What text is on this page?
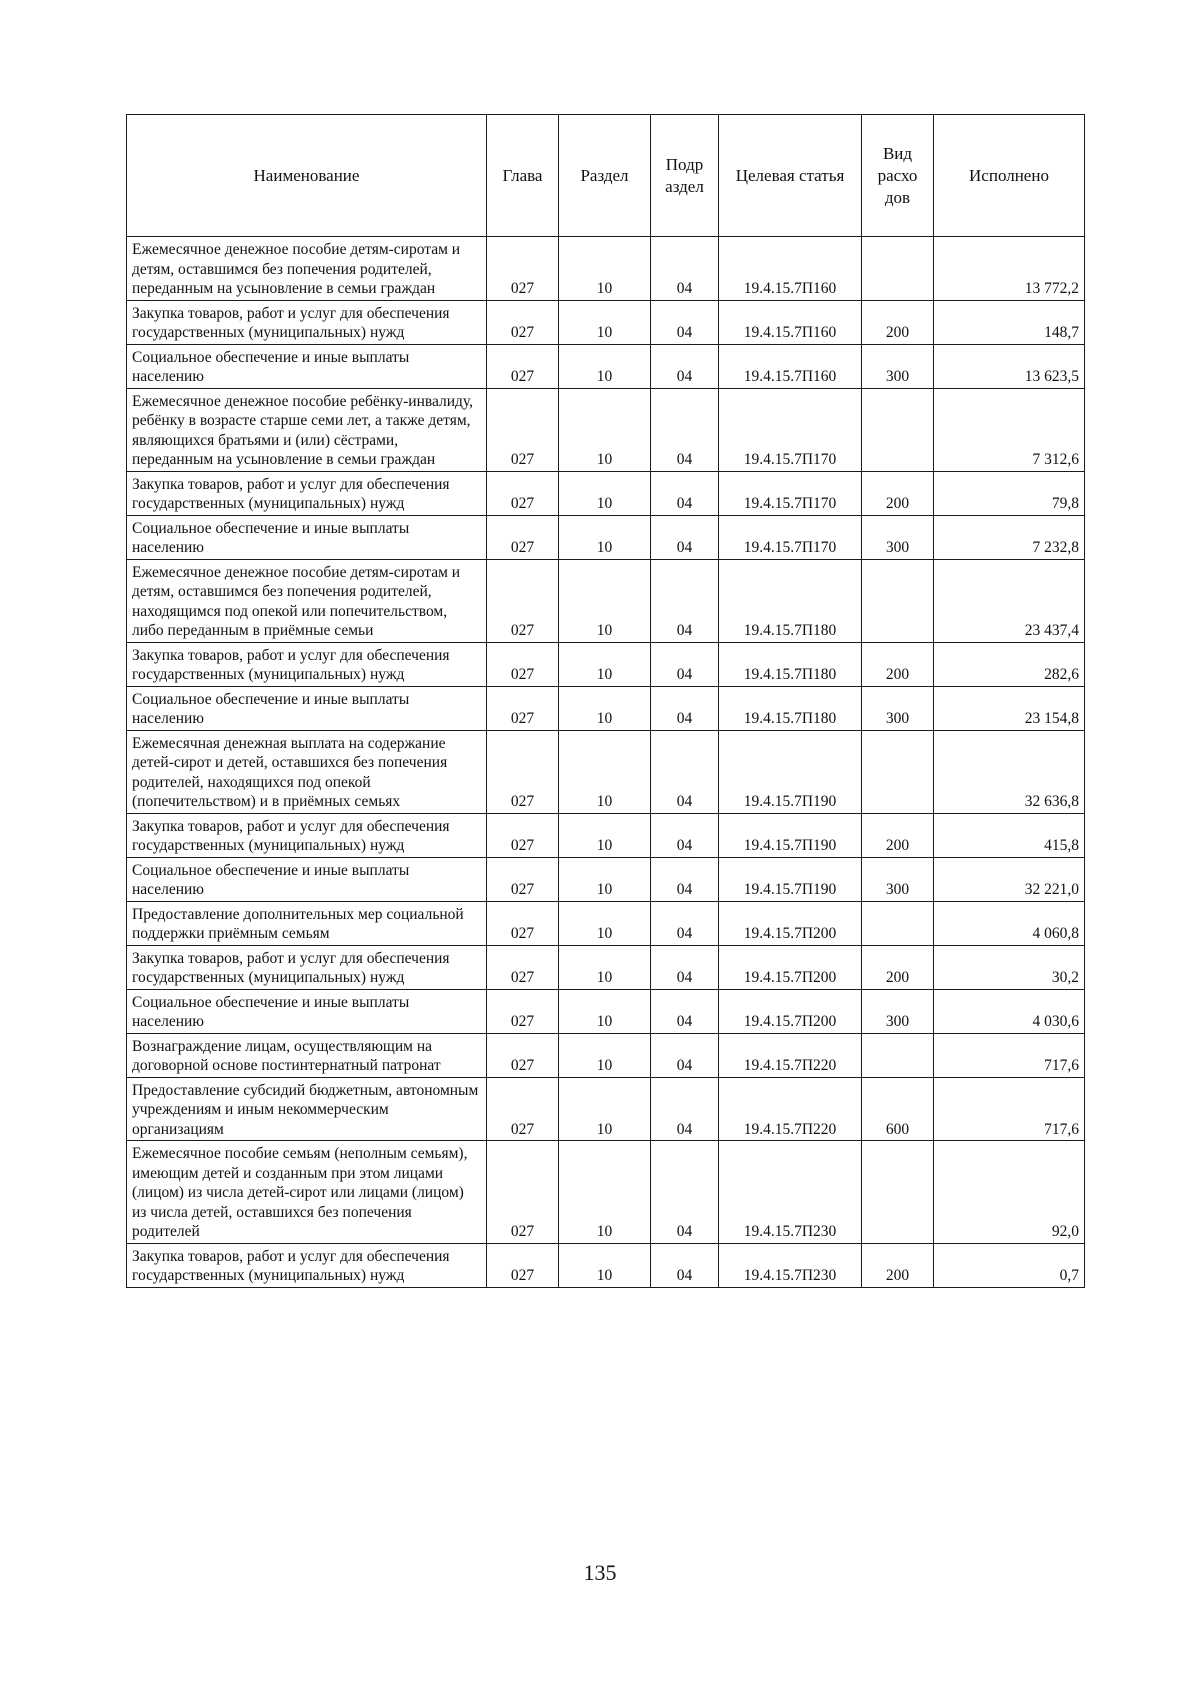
Наименование	Глава	Раздел	Подр аздел	Целевая статья	Вид расхо дов	Исполнено
Ежемесячное денежное пособие детям-сиротам и детям, оставшимся без попечения родителей, переданным на усыновление в семьи граждан	027	10	04	19.4.15.7П160		13 772,2
Закупка товаров, работ и услуг для обеспечения государственных (муниципальных) нужд	027	10	04	19.4.15.7П160	200	148,7
Социальное обеспечение и иные выплаты населению	027	10	04	19.4.15.7П160	300	13 623,5
Ежемесячное денежное пособие ребёнку-инвалиду, ребёнку в возрасте старше семи лет, а также детям, являющихся братьями и (или) сёстрами, переданным на усыновление в семьи граждан	027	10	04	19.4.15.7П170		7 312,6
Закупка товаров, работ и услуг для обеспечения государственных (муниципальных) нужд	027	10	04	19.4.15.7П170	200	79,8
Социальное обеспечение и иные выплаты населению	027	10	04	19.4.15.7П170	300	7 232,8
Ежемесячное денежное пособие детям-сиротам и детям, оставшимся без попечения родителей, находящимся под опекой или попечительством, либо переданным в приёмные семьи	027	10	04	19.4.15.7П180		23 437,4
Закупка товаров, работ и услуг для обеспечения государственных (муниципальных) нужд	027	10	04	19.4.15.7П180	200	282,6
Социальное обеспечение и иные выплаты населению	027	10	04	19.4.15.7П180	300	23 154,8
Ежемесячная денежная выплата на содержание детей-сирот и детей, оставшихся без попечения родителей, находящихся под опекой (попечительством) и в приёмных семьях	027	10	04	19.4.15.7П190		32 636,8
Закупка товаров, работ и услуг для обеспечения государственных (муниципальных) нужд	027	10	04	19.4.15.7П190	200	415,8
Социальное обеспечение и иные выплаты населению	027	10	04	19.4.15.7П190	300	32 221,0
Предоставление дополнительных мер социальной поддержки приёмным семьям	027	10	04	19.4.15.7П200		4 060,8
Закупка товаров, работ и услуг для обеспечения государственных (муниципальных) нужд	027	10	04	19.4.15.7П200	200	30,2
Социальное обеспечение и иные выплаты населению	027	10	04	19.4.15.7П200	300	4 030,6
Вознаграждение лицам, осуществляющим на договорной основе постинтернатный патронат	027	10	04	19.4.15.7П220		717,6
Предоставление субсидий бюджетным, автономным учреждениям и иным некоммерческим организациям	027	10	04	19.4.15.7П220	600	717,6
Ежемесячное пособие семьям (неполным семьям), имеющим детей и созданным при этом лицами (лицом) из числа детей-сирот или лицами (лицом) из числа детей, оставшихся без попечения родителей	027	10	04	19.4.15.7П230		92,0
Закупка товаров, работ и услуг для обеспечения государственных (муниципальных) нужд	027	10	04	19.4.15.7П230	200	0,7
135
